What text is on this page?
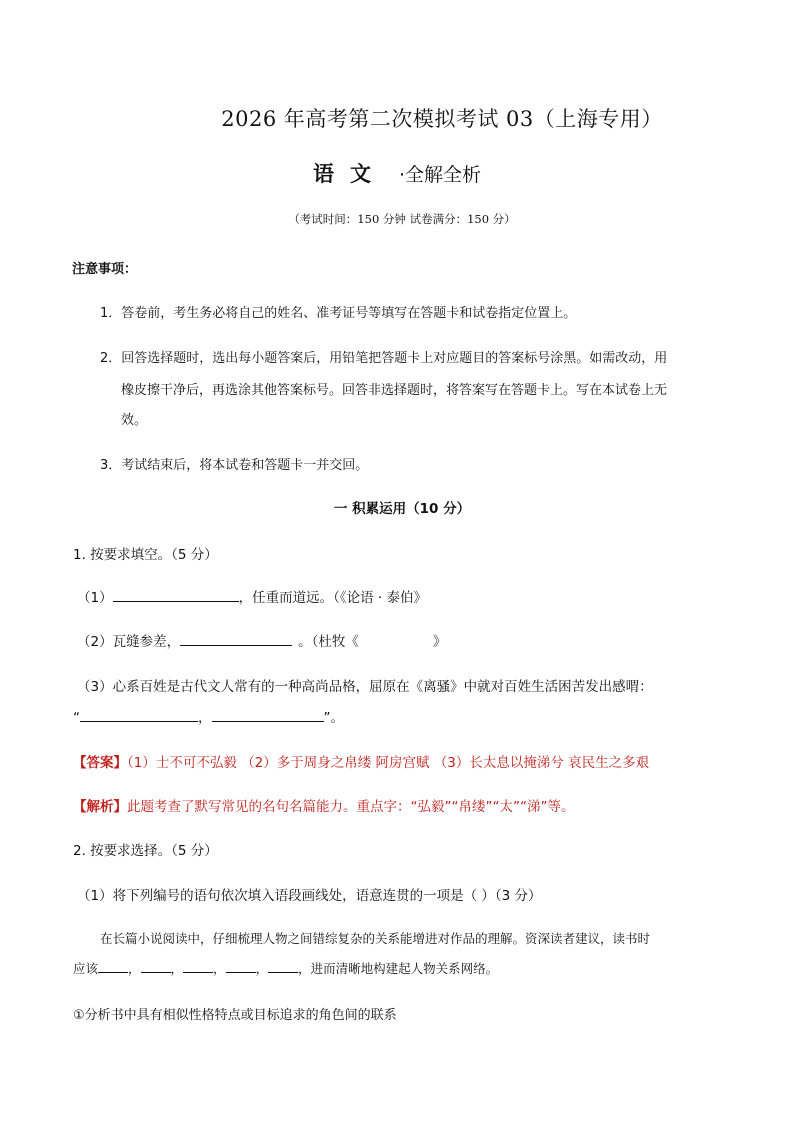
2026 年高考第二次模拟考试 03（上海专用）
语 文·全解全析
（考试时间：150 分钟 试卷满分：150 分）
注意事项：
1．答卷前，考生务必将自己的姓名、准考证号等填写在答题卡和试卷指定位置上。
2．回答选择题时，选出每小题答案后，用铅笔把答题卡上对应题目的答案标号涂黑。如需改动，用
橡皮擦干净后，再选涂其他答案标号。回答非选择题时，将答案写在答题卡上。写在本试卷上无
效。
3．考试结束后，将本试卷和答题卡一并交回。
一 积累运用（10 分）
1. 按要求填空。（5 分）
（1）	，任重而道远。（《论语 · 泰伯》
（2）瓦缝参差，	。（杜牧《	》
（3）心系百姓是古代文人常有的一种高尚品格，屈原在《离骚》中就对百姓生活困苦发出感喟：
“	，	”。
【答案】（1）士不可不弘毅 （2）多于周身之帛缕 阿房宫赋 （3）长太息以掩涕兮 哀民生之多艰
【解析】此题考查了默写常见的名句名篇能力。重点字：“弘毅”“帛缕”“太”“涕”等。
2. 按要求选择。（5 分）
（1）将下列编号的语句依次填入语段画线处，语意连贯的一项是（ ）（3 分）
在长篇小说阅读中，仔细梳理人物之间错综复杂的关系能增进对作品的理解。资深读者建议，读书时
应该 ， ， ， ， ，进而清晰地构建起人物关系网络。
①分析书中具有相似性格特点或目标追求的角色间的联系
